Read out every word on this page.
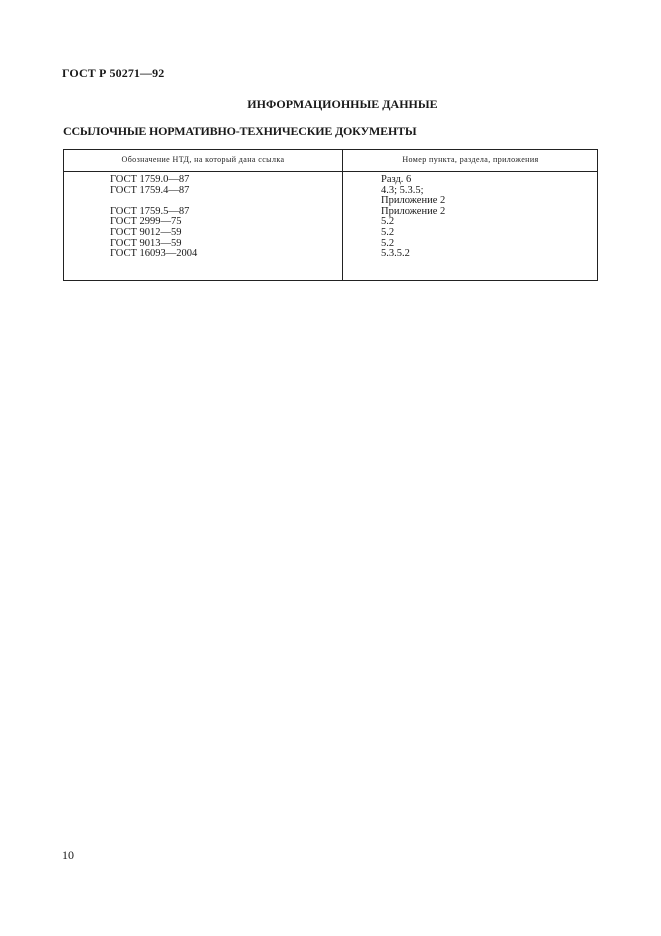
ГОСТ Р 50271—92
ИНФОРМАЦИОННЫЕ ДАННЫЕ
ССЫЛОЧНЫЕ НОРМАТИВНО-ТЕХНИЧЕСКИЕ ДОКУМЕНТЫ
Обозначение НТД, на который дана ссылка	Номер пункта, раздела, приложения
ГОСТ 1759.0—87
ГОСТ 1759.4—87
ГОСТ 1759.5—87
ГОСТ 2999—75
ГОСТ 9012—59
ГОСТ 9013—59
ГОСТ 16093—2004
Разд. 6
4.3; 5.3.5;
Приложение 2
Приложение 2
5.2
5.2
5.2
5.3.5.2
10
